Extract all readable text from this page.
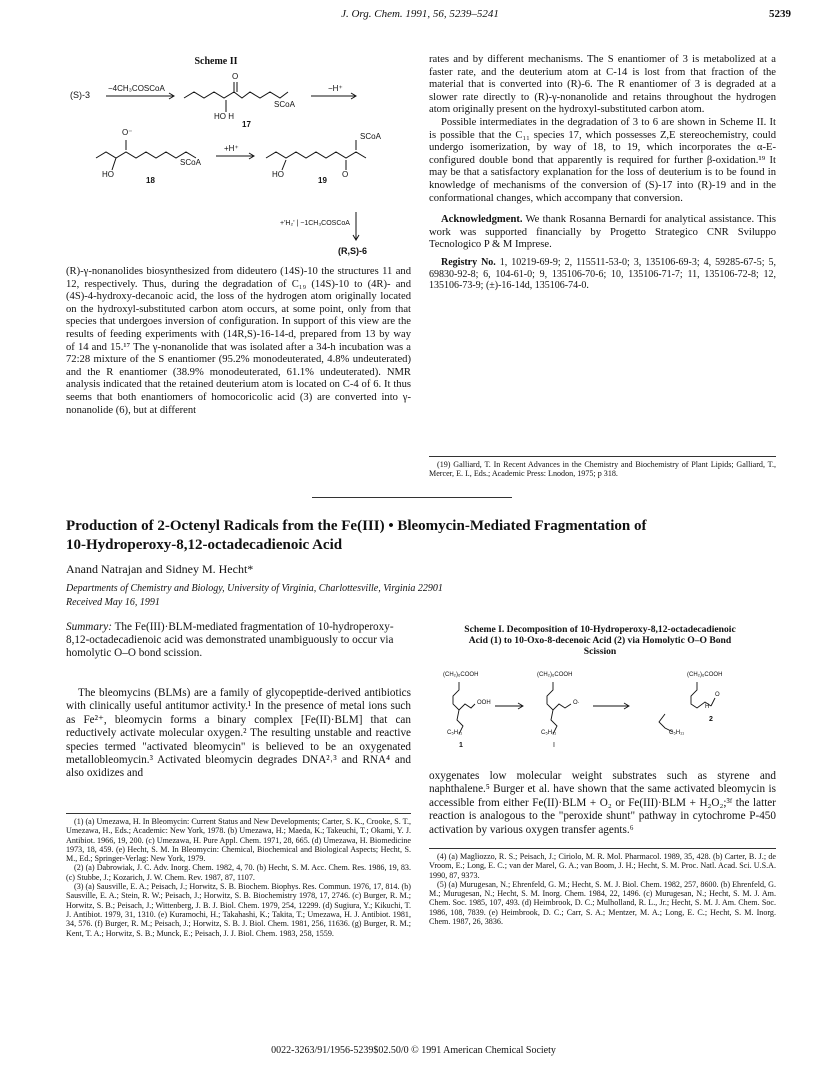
J. Org. Chem. 1991, 56, 5239–5241	5239
Scheme II
(S)-3
−4CH₃COSCoA
O
SCoA
HO H
17
−H⁺
O⁻
SCoA
HO
18
+H⁺
SCoA
HO
19
O
+'H₂' | −1CH₃COSCoA
(R,S)-6

(R)-γ-nonanolides biosynthesized from dideutero (14S)-10 the structures 11 and 12, respectively. Thus, during the degradation of C₁₉ (14S)-10 to (4R)- and (4S)-4-hydroxy-decanoic acid, the loss of the hydrogen atom originally located on the hydroxyl-substituted carbon atom occurs, at some point, only from that species that undergoes inversion of configuration. In support of this view are the results of feeding experiments with (14R,S)-16-14-d, prepared from 13 by way of 14 and 15.¹⁷ The γ-nonanolide that was isolated after a 34-h incubation was a 72:28 mixture of the S enantiomer (95.2% monodeuterated, 4.8% undeuterated) and the R enantiomer (38.9% monodeuterated, 61.1% undeuterated). NMR analysis indicated that the retained deuterium atom is located on C-4 of 6. It thus seems that both enantiomers of homocoricolic acid (3) are converted into γ-nonanolide (6), but at different

rates and by different mechanisms. The S enantiomer of 3 is metabolized at a faster rate, and the deuterium atom at C-14 is lost from that fraction of the material that is converted into (R)-6. The R enantiomer of 3 is degraded at a slower rate directly to (R)-γ-nonanolide and retains throughout the hydrogen atom originally present on the hydroxyl-substituted carbon atom.

Possible intermediates in the degradation of 3 to 6 are shown in Scheme II. It is possible that the C₁₁ species 17, which possesses Z,E stereochemistry, could undergo isomerization, by way of 18, to 19, which incorporates the α-E-configured double bond that apparently is required for further β-oxidation.¹⁹ It may be that a satisfactory explanation for the loss of deuterium is to be found in knowledge of mechanisms of the conversion of (S)-17 into (R)-19 and in the conformational changes, which accompany that conversion.

Acknowledgment. We thank Rosanna Bernardi for analytical assistance. This work was supported financially by Progetto Strategico CNR Sviluppo Tecnologico P & M Imprese.

Registry No. 1, 10219-69-9; 2, 115511-53-0; 3, 135106-69-3; 4, 59285-67-5; 5, 69830-92-8; 6, 104-61-0; 9, 135106-70-6; 10, 135106-71-7; 11, 135106-72-8; 12, 135106-73-9; (±)-16-14d, 135106-74-0.

(19) Galliard, T. In Recent Advances in the Chemistry and Biochemistry of Plant Lipids; Galliard, T., Mercer, E. I., Eds.; Academic Press: Lnodon, 1975; p 318.

Production of 2-Octenyl Radicals from the Fe(III) • Bleomycin-Mediated Fragmentation of
10-Hydroperoxy-8,12-octadecadienoic Acid
Anand Natrajan and Sidney M. Hecht*
Departments of Chemistry and Biology, University of Virginia, Charlottesville, Virginia 22901
Received May 16, 1991
Summary: The Fe(III)·BLM-mediated fragmentation of 10-hydroperoxy-8,12-octadecadienoic acid was demonstrated unambiguously to occur via homolytic O–O bond scission.
The bleomycins (BLMs) are a family of glycopeptide-derived antibiotics with clinically useful antitumor activity.¹ In the presence of metal ions such as Fe²⁺, bleomycin forms a binary complex [Fe(II)·BLM] that can reductively activate molecular oxygen.² The resulting unstable and reactive species termed "activated bleomycin" is believed to be an oxygenated metallobleomycin.³ Activated bleomycin degrades DNA²˒³ and RNA⁴ and also oxidizes and
Scheme I. Decomposition of 10-Hydroperoxy-8,12-octadecadienoic Acid (1) to 10-Oxo-8-decenoic Acid (2) via Homolytic O–O Bond Scission
(CH₂)₆COOH
OOH
C₅H₁₁
1
(CH₂)₆COOH
O·
C₅H₁₁
I
(CH₂)₆COOH
H
O
C₅H₁₁
2
oxygenates low molecular weight substrates such as styrene and naphthalene.⁵ Burger et al. have shown that the same activated bleomycin is accessible from either Fe(II)·BLM + O₂ or Fe(III)·BLM + H₂O₂;³ᶠ the latter reaction is analogous to the "peroxide shunt" pathway in cytochrome P-450 activation by various oxygen transfer agents.⁶

(1) (a) Umezawa, H. In Bleomycin: Current Status and New Developments; Carter, S. K., Crooke, S. T., Umezawa, H., Eds.; Academic: New York, 1978. (b) Umezawa, H.; Maeda, K.; Takeuchi, T.; Okami, Y. J. Antibiot. 1966, 19, 200. (c) Umezawa, H. Pure Appl. Chem. 1971, 28, 665. (d) Umezawa, H. Biomedicine 1973, 18, 459. (e) Hecht, S. M. In Bleomycin: Chemical, Biochemical and Biological Aspects; Hecht, S. M., Ed.; Springer-Verlag: New York, 1979.

(2) (a) Dabrowiak, J. C. Adv. Inorg. Chem. 1982, 4, 70. (b) Hecht, S. M. Acc. Chem. Res. 1986, 19, 83. (c) Stubbe, J.; Kozarich, J. W. Chem. Rev. 1987, 87, 1107.

(3) (a) Sausville, E. A.; Peisach, J.; Horwitz, S. B. Biochem. Biophys. Res. Commun. 1976, 17, 814. (b) Sausville, E. A.; Stein, R. W.; Peisach, J.; Horwitz, S. B. Biochemistry 1978, 17, 2746. (c) Burger, R. M.; Horwitz, S. B.; Peisach, J.; Wittenberg, J. B. J. Biol. Chem. 1979, 254, 12299. (d) Sugiura, Y.; Kikuchi, T. J. Antibiot. 1979, 31, 1310. (e) Kuramochi, H.; Takahashi, K.; Takita, T.; Umezawa, H. J. Antibiot. 1981, 34, 576. (f) Burger, R. M.; Peisach, J.; Horwitz, S. B. J. Biol. Chem. 1981, 256, 11636. (g) Burger, R. M.; Kent, T. A.; Horwitz, S. B.; Munck, E.; Peisach, J. J. Biol. Chem. 1983, 258, 1559.

(4) (a) Magliozzo, R. S.; Peisach, J.; Ciriolo, M. R. Mol. Pharmacol. 1989, 35, 428. (b) Carter, B. J.; de Vroom, E.; Long, E. C.; van der Marel, G. A.; van Boom, J. H.; Hecht, S. M. Proc. Natl. Acad. Sci. U.S.A. 1990, 87, 9373.

(5) (a) Murugesan, N.; Ehrenfeld, G. M.; Hecht, S. M. J. Biol. Chem. 1982, 257, 8600. (b) Ehrenfeld, G. M.; Murugesan, N.; Hecht, S. M. Inorg. Chem. 1984, 22, 1496. (c) Murugesan, N.; Hecht, S. M. J. Am. Chem. Soc. 1985, 107, 493. (d) Heimbrook, D. C.; Mulholland, R. L., Jr.; Hecht, S. M. J. Am. Chem. Soc. 1986, 108, 7839. (e) Heimbrook, D. C.; Carr, S. A.; Mentzer, M. A.; Long, E. C.; Hecht, S. M. Inorg. Chem. 1987, 26, 3836.

0022-3263/91/1956-5239$02.50/0 © 1991 American Chemical Society
